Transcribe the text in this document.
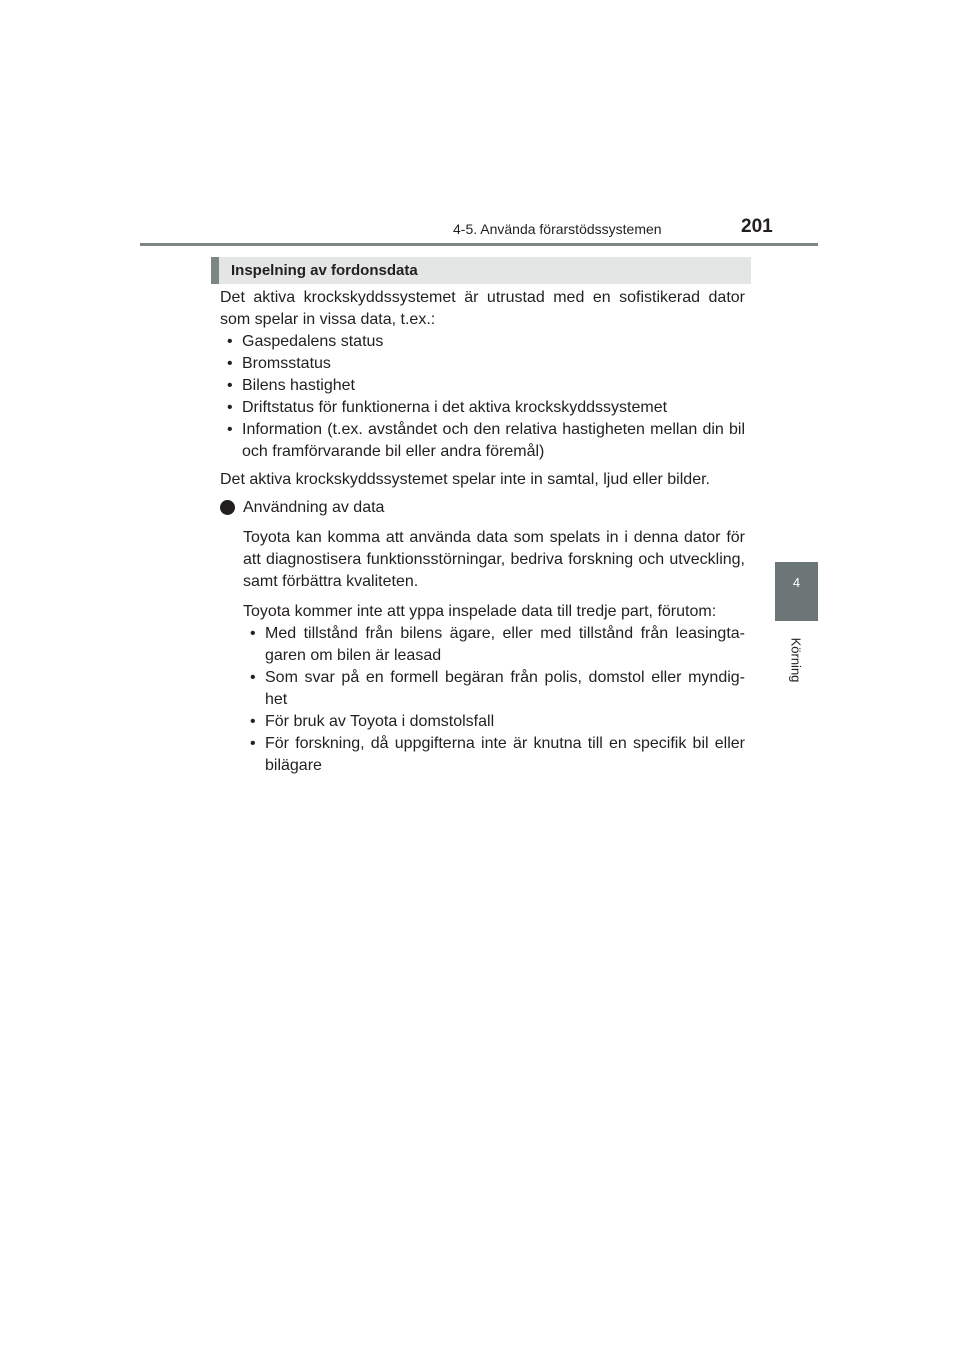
4-5. Använda förarstödssystemen	201
4
Körning
Inspelning av fordonsdata

Det aktiva krockskyddssystemet är utrustad med en sofistikerad dator som spelar in vissa data, t.ex.:

• Gaspedalens status
• Bromsstatus
• Bilens hastighet
• Driftstatus för funktionerna i det aktiva krockskyddssystemet
• Information (t.ex. avståndet och den relativa hastigheten mellan din bil och framförvarande bil eller andra föremål)

Det aktiva krockskyddssystemet spelar inte in samtal, ljud eller bilder.

Användning av data

Toyota kan komma att använda data som spelats in i denna dator för att diagnostisera funktionsstörningar, bedriva forskning och utveckling, samt förbättra kvaliteten.

Toyota kommer inte att yppa inspelade data till tredje part, förutom:

• Med tillstånd från bilens ägare, eller med tillstånd från leasingta-garen om bilen är leasad
• Som svar på en formell begäran från polis, domstol eller myndig-het
• För bruk av Toyota i domstolsfall
• För forskning, då uppgifterna inte är knutna till en specifik bil eller bilägare
